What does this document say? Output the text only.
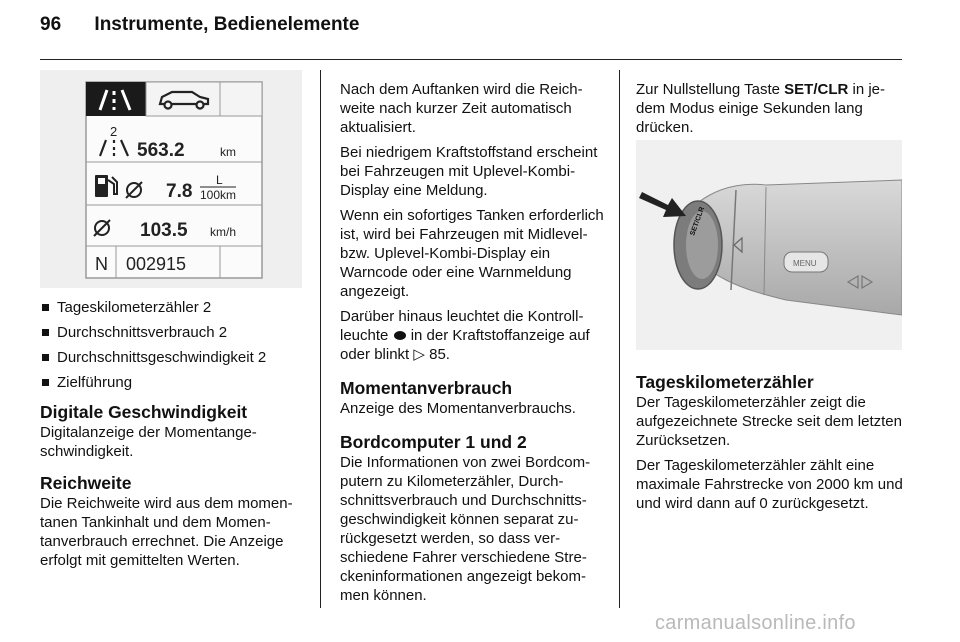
96 Instrumente, Bedienelemente
2
563.2	km
7.8
L
100km
103.5 km/h
N 002915
Tageskilometerzähler 2
Durchschnittsverbrauch 2
Durchschnittsgeschwindigkeit 2
Zielführung
Digitale Geschwindigkeit

Digitalanzeige der Momentangeschwindigkeit.

Reichweite

Die Reichweite wird aus dem momentanen Tankinhalt und dem Momentanverbrauch errechnet. Die Anzeige erfolgt mit gemittelten Werten.

Nach dem Auftanken wird die Reichweite nach kurzer Zeit automatisch aktualisiert.

Bei niedrigem Kraftstoffstand erscheint bei Fahrzeugen mit Uplevel-Kombi-Display eine Meldung.

Wenn ein sofortiges Tanken erforderlich ist, wird bei Fahrzeugen mit Midlevel- bzw. Uplevel-Kombi-Display ein Warncode oder eine Warnmeldung angezeigt.

Darüber hinaus leuchtet die Kontrollleuchte in der Kraftstoffanzeige auf oder blinkt ▷ 85.

Momentanverbrauch

Anzeige des Momentanverbrauchs.

Bordcomputer 1 und 2

Die Informationen von zwei Bordcomputern zu Kilometerzähler, Durchschnittsverbrauch und Durchschnittsgeschwindigkeit können separat zurückgesetzt werden, so dass verschiedene Fahrer verschiedene Streckeninformationen angezeigt bekommen können.

Zur Nullstellung Taste SET/CLR in jedem Modus einige Sekunden lang drücken.

SET/CLR
MENU
Tageskilometerzähler

Der Tageskilometerzähler zeigt die aufgezeichnete Strecke seit dem letzten Zurücksetzen.

Der Tageskilometerzähler zählt eine maximale Fahrstrecke von 2000 km und und wird dann auf 0 zurückgesetzt.

carmanualsonline.info
